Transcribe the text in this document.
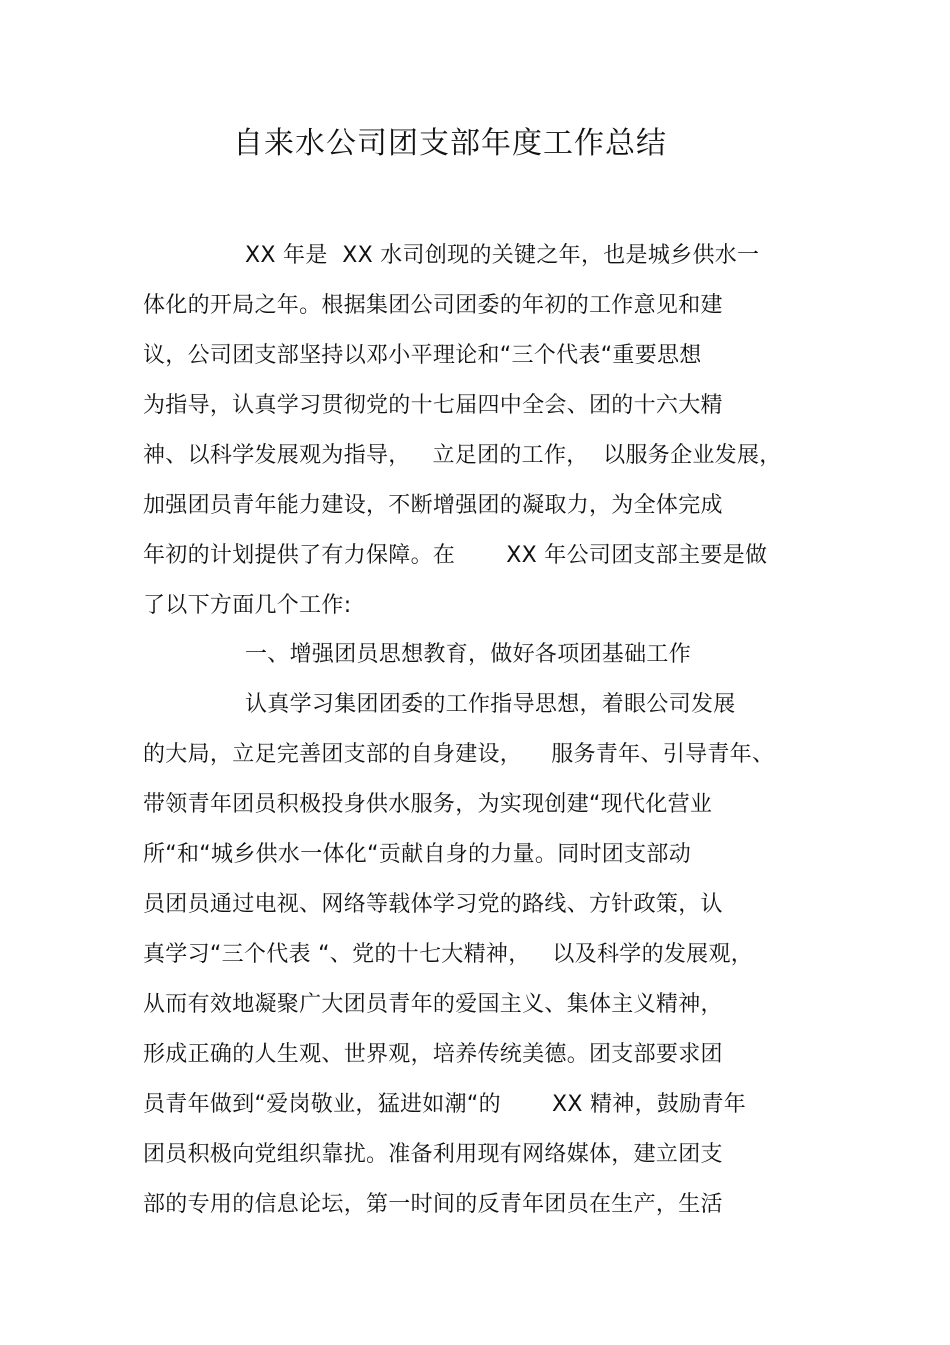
自来水公司团支部年度工作总结
XX 年是  XX 水司创现的关键之年，也是城乡供水一
体化的开局之年。根据集团公司团委的年初的工作意见和建
议，公司团支部坚持以邓小平理论和“三个代表“重要思想
为指导，认真学习贯彻党的十七届四中全会、团的十六大精
神、以科学发展观为指导，   立足团的工作，  以服务企业发展，
加强团员青年能力建设，不断增强团的凝取力，为全体完成
年初的计划提供了有力保障。在       XX 年公司团支部主要是做
了以下方面几个工作:
一、增强团员思想教育，做好各项团基础工作
认真学习集团团委的工作指导思想，着眼公司发展
的大局，立足完善团支部的自身建设，    服务青年、引导青年、
带领青年团员积极投身供水服务，为实现创建“现代化营业
所“和“城乡供水一体化“贡献自身的力量。同时团支部动
员团员通过电视、网络等载体学习党的路线、方针政策，认
真学习“三个代表 “、党的十七大精神，   以及科学的发展观，
从而有效地凝聚广大团员青年的爱国主义、集体主义精神，
形成正确的人生观、世界观，培养传统美德。团支部要求团
员青年做到“爱岗敬业，猛进如潮“的       XX 精神，鼓励青年
团员积极向党组织靠扰。准备利用现有网络媒体，建立团支
部的专用的信息论坛，第一时间的反青年团员在生产，生活
